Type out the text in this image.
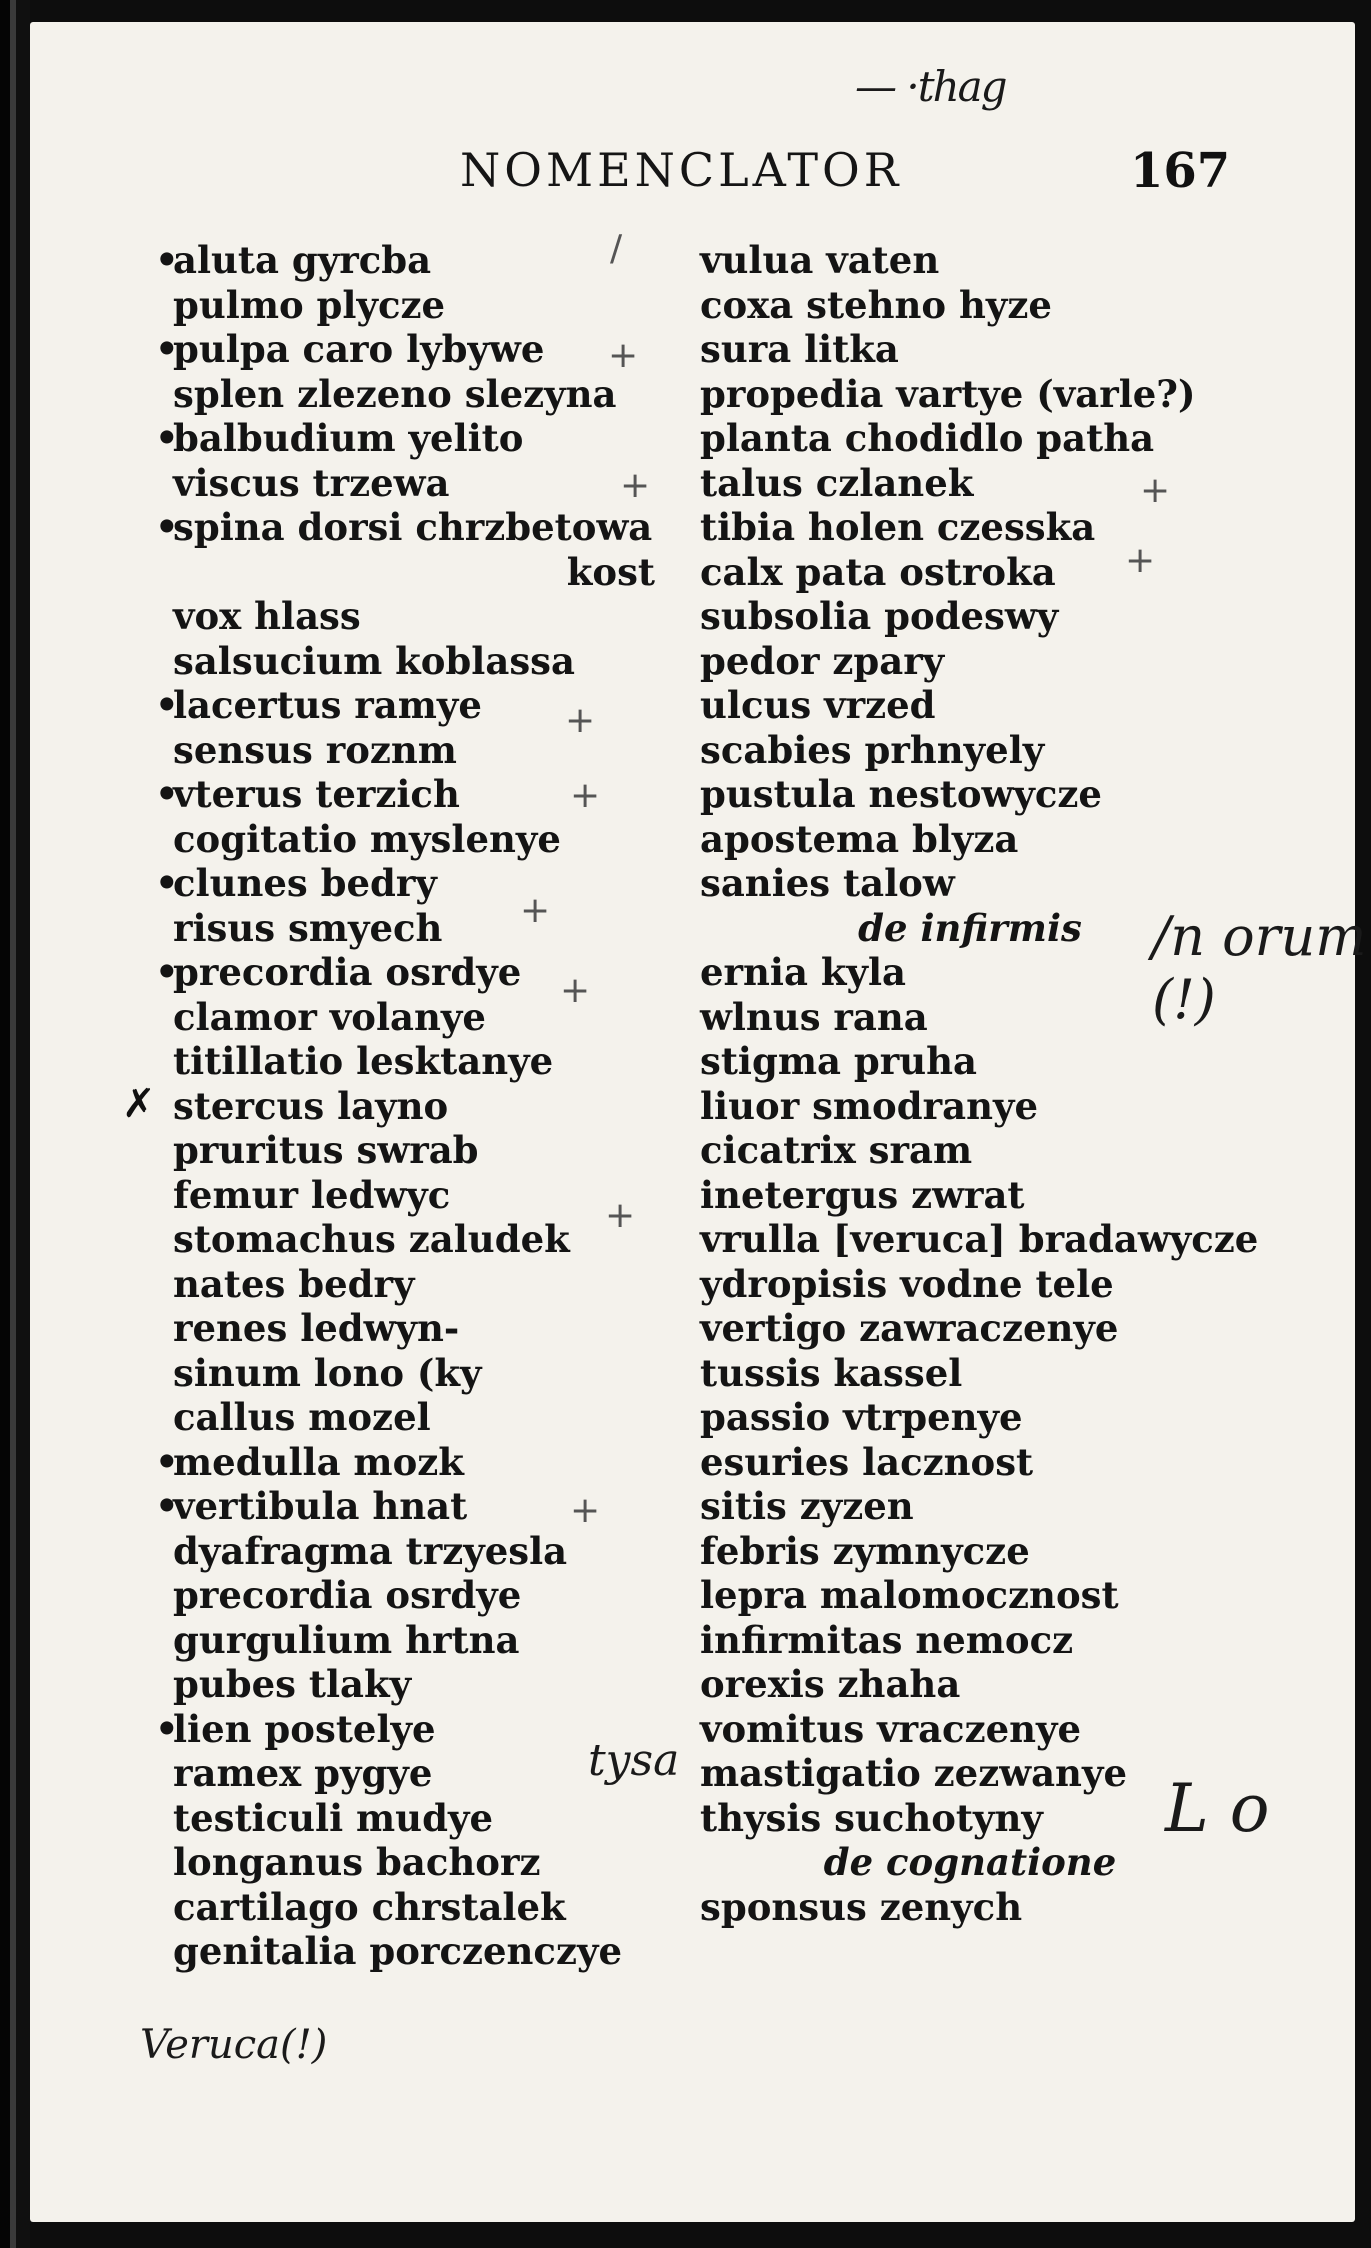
— ·thag
NOMENCLATOR	167
•aluta gyrcba
pulmo plycze
•pulpa caro lybywe
splen zlezeno slezyna
•balbudium yelito
viscus trzewa
•spina dorsi chrzbetowa
kost
vox hlass
salsucium koblassa
•lacertus ramye
sensus roznm
•vterus terzich
cogitatio myslenye
•clunes bedry
risus smyech
•precordia osrdye
clamor volanye
titillatio lesktanye
stercus layno
pruritus swrab
femur ledwyc
stomachus zaludek
nates bedry
renes ledwyn-
sinum lono (ky
callus mozel
•medulla mozk
•vertibula hnat
dyafragma trzyesla
precordia osrdye
gurgulium hrtna
pubes tlaky
•lien postelye
ramex pygye
testiculi mudye
longanus bachorz
cartilago chrstalek
genitalia porczenczye
vulua vaten
coxa stehno hyze
sura litka
propedia vartye (varle?)
planta chodidlo patha
talus czlanek
tibia holen czesska
calx pata ostroka
subsolia podeswy
pedor zpary
ulcus vrzed
scabies prhnyely
pustula nestowycze
apostema blyza
sanies talow
de infirmis
ernia kyla
wlnus rana
stigma pruha
liuor smodranye
cicatrix sram
inetergus zwrat
vrulla [veruca] bradawycze
ydropisis vodne tele
vertigo zawraczenye
tussis kassel
passio vtrpenye
esuries lacznost
sitis zyzen
febris zymnycze
lepra malomocznost
infirmitas nemocz
orexis zhaha
vomitus vraczenye
mastigatio zezwanye
thysis suchotyny
de cognatione
sponsus zenych
✗
/
+
+	+
+
+
+
+
+
+
+
/n orum (!)
tysa
L o
Veruca(!)
